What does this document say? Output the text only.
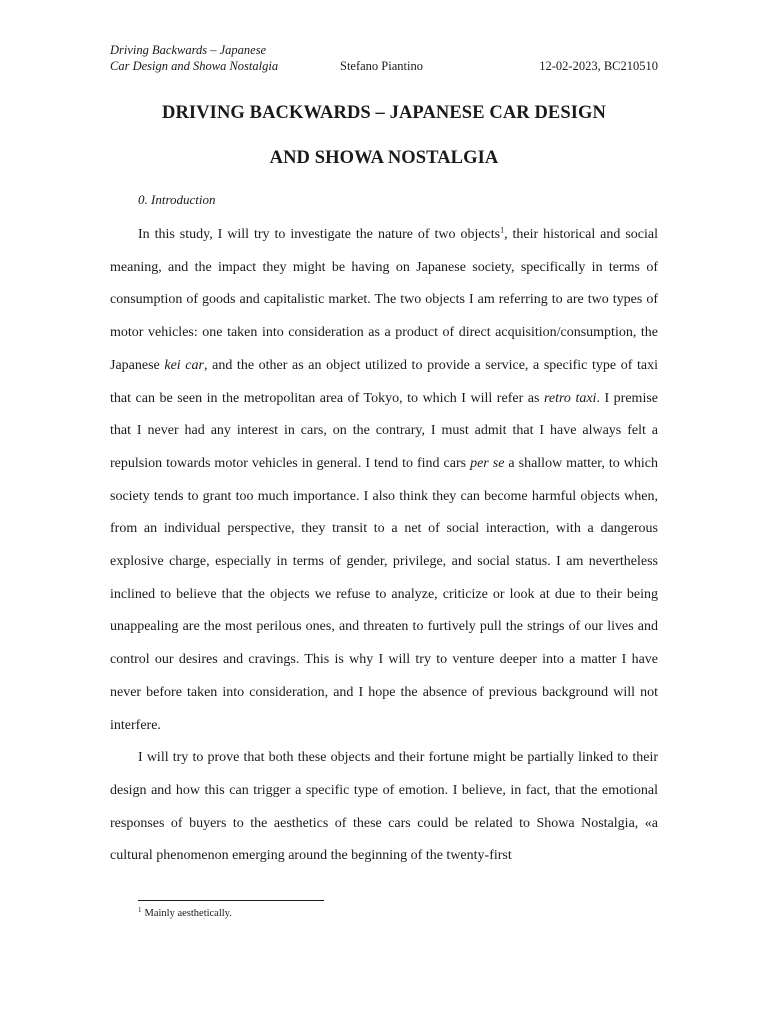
Driving Backwards – Japanese
Car Design and Showa Nostalgia	Stefano Piantino	12-02-2023, BC210510
DRIVING BACKWARDS – JAPANESE CAR DESIGN
AND SHOWA NOSTALGIA
0. Introduction

In this study, I will try to investigate the nature of two objects$^1$, their historical and social meaning, and the impact they might be having on Japanese society, specifically in terms of consumption of goods and capitalistic market. The two objects I am referring to are two types of motor vehicles: one taken into consideration as a product of direct acquisition/consumption, the Japanese kei car, and the other as an object utilized to provide a service, a specific type of taxi that can be seen in the metropolitan area of Tokyo, to which I will refer as retro taxi. I premise that I never had any interest in cars, on the contrary, I must admit that I have always felt a repulsion towards motor vehicles in general. I tend to find cars per se a shallow matter, to which society tends to grant too much importance. I also think they can become harmful objects when, from an individual perspective, they transit to a net of social interaction, with a dangerous explosive charge, especially in terms of gender, privilege, and social status. I am nevertheless inclined to believe that the objects we refuse to analyze, criticize or look at due to their being unappealing are the most perilous ones, and threaten to furtively pull the strings of our lives and control our desires and cravings. This is why I will try to venture deeper into a matter I have never before taken into consideration, and I hope the absence of previous background will not interfere.

I will try to prove that both these objects and their fortune might be partially linked to their design and how this can trigger a specific type of emotion. I believe, in fact, that the emotional responses of buyers to the aesthetics of these cars could be related to Showa Nostalgia, «a cultural phenomenon emerging around the beginning of the twenty-first

$^1$ Mainly aesthetically.
